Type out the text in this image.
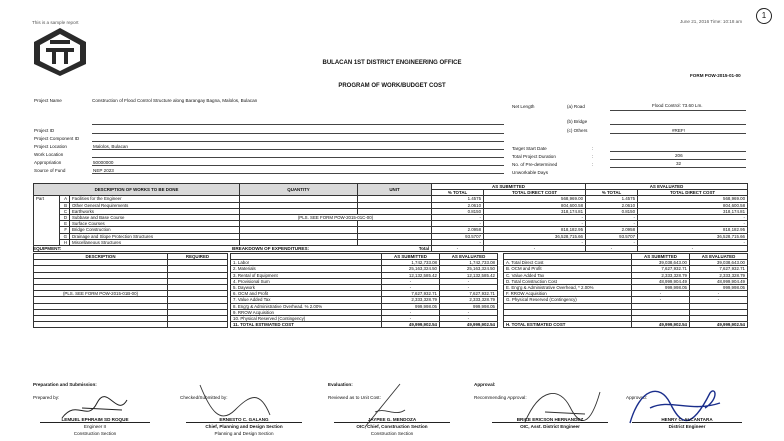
This is a sample report	June 21, 2016 Time: 10:18 am
1
BULACAN 1ST DISTRICT ENGINEERING OFFICE
FORM POW-2015-01-00
PROGRAM OF WORK/BUDGET COST
Project Name	Construction of Flood Control Structure along Barangay Bagna, Malolos, Bulacan
Project ID
Project Component ID
Project Location	Malolos, Bulacan
Work Location
Appropriation	50000000
Source of Fund	NEP 2023
Net Length	(a) Road	Flood Control: 73.60 Lm.
(b) Bridge
(c) Others	#REF!
Target Start Date	:
Total Project Duration	:	206
No. of Pre-determined	:	32
Unworkable Days
DESCRIPTION OF WORKS TO BE DONE			QUANTITY	UNIT	AS SUBMITTED		AS EVALUATED	
					% TOTAL	TOTAL DIRECT COST	% TOTAL	TOTAL DIRECT COST
Part	A	Facilities for the Engineer			1.4575	568,969.00	1.4575	568,969.00
	B	Other General Requirements			2.0610	804,600.58	2.0610	804,600.58
	C	Earthworks			0.8150	318,174.81	0.8150	318,174.81
	D	Subbase and Base Course	(PLS. SEE FORM POW-2015-01C-00)		-	-	-	-
	E	Surface Courses			-	-	-	-
	F	Bridge Construction			2.0958	818,182.95	2.0958	818,182.95
	G	Drainage and Slope Protection Structures			93.5707	36,528,715.66	93.5707	36,528,715.66
	H	Miscellaneous Structures			-	-	-	-
Total					-	-	-	-
EQUIPMENT:
DESCRIPTION	REQUIRED

(PLS. SEE FORM POW-2015-01B-00)	

BREAKDOWN OF EXPENDITURES:
	AS SUBMITTED	AS EVALUATED
1. Labor	1,742,733.08	1,742,733.08
2. Materials	25,163,324.50	25,163,324.50
3. Rental of Equipment	12,132,585.42	12,132,585.42
4. Provisional Sum	-	-
5. Daywork	-	-
6. OCM and Profit	7,627,932.71	7,627,932.71
7. Value Added Tax	2,333,328.79	2,333,328.79
8. Eng'g & Administrative Overhead. % 2.00%	999,998.05	999,998.05
9. RROW Acquisition	-	-
10. Physical Reserved (Contingency)	-	-
11. TOTAL ESTIMATED COST	49,999,902.54	49,999,902.54
	AS SUBMITTED	AS EVALUATED
A. Total Direct Cost	39,038,643.00	39,038,643.00
B. OCM and Profit	7,627,932.71	7,627,932.71
C. Value Added Tax	2,333,328.79	2,333,328.79
D. Total Construction Cost	48,999,904.49	48,999,904.49
E. Eng'g & Administrative Overhead, * 2.00%	999,998.05	999,998.05
F. RROW Acquisition	-	-
G. Physical Reserved (Contingency)	-	-

H. TOTAL ESTIMATED COST	49,999,902.54	49,999,902.54
Preparation and Submission:	Evaluation:	Approval:
Prepared by:	Checked/Submitted by:	Reviewed as to Unit Cost:	Recommending Approval:	Approved:
LEMUEL EPHRAIM SD ROQUE
Engineer II
Construction Section
ERNESTO C. GALANG
Chief, Planning and Design Section
Planning and Design Section
JAYPEE G. MENDOZA
OIC, Chief, Construction Section
Construction Section
BRICE ERICSON HERNANDEZ
OIC, Asst. District Engineer
HENRY C. ALCANTARA
District Engineer
